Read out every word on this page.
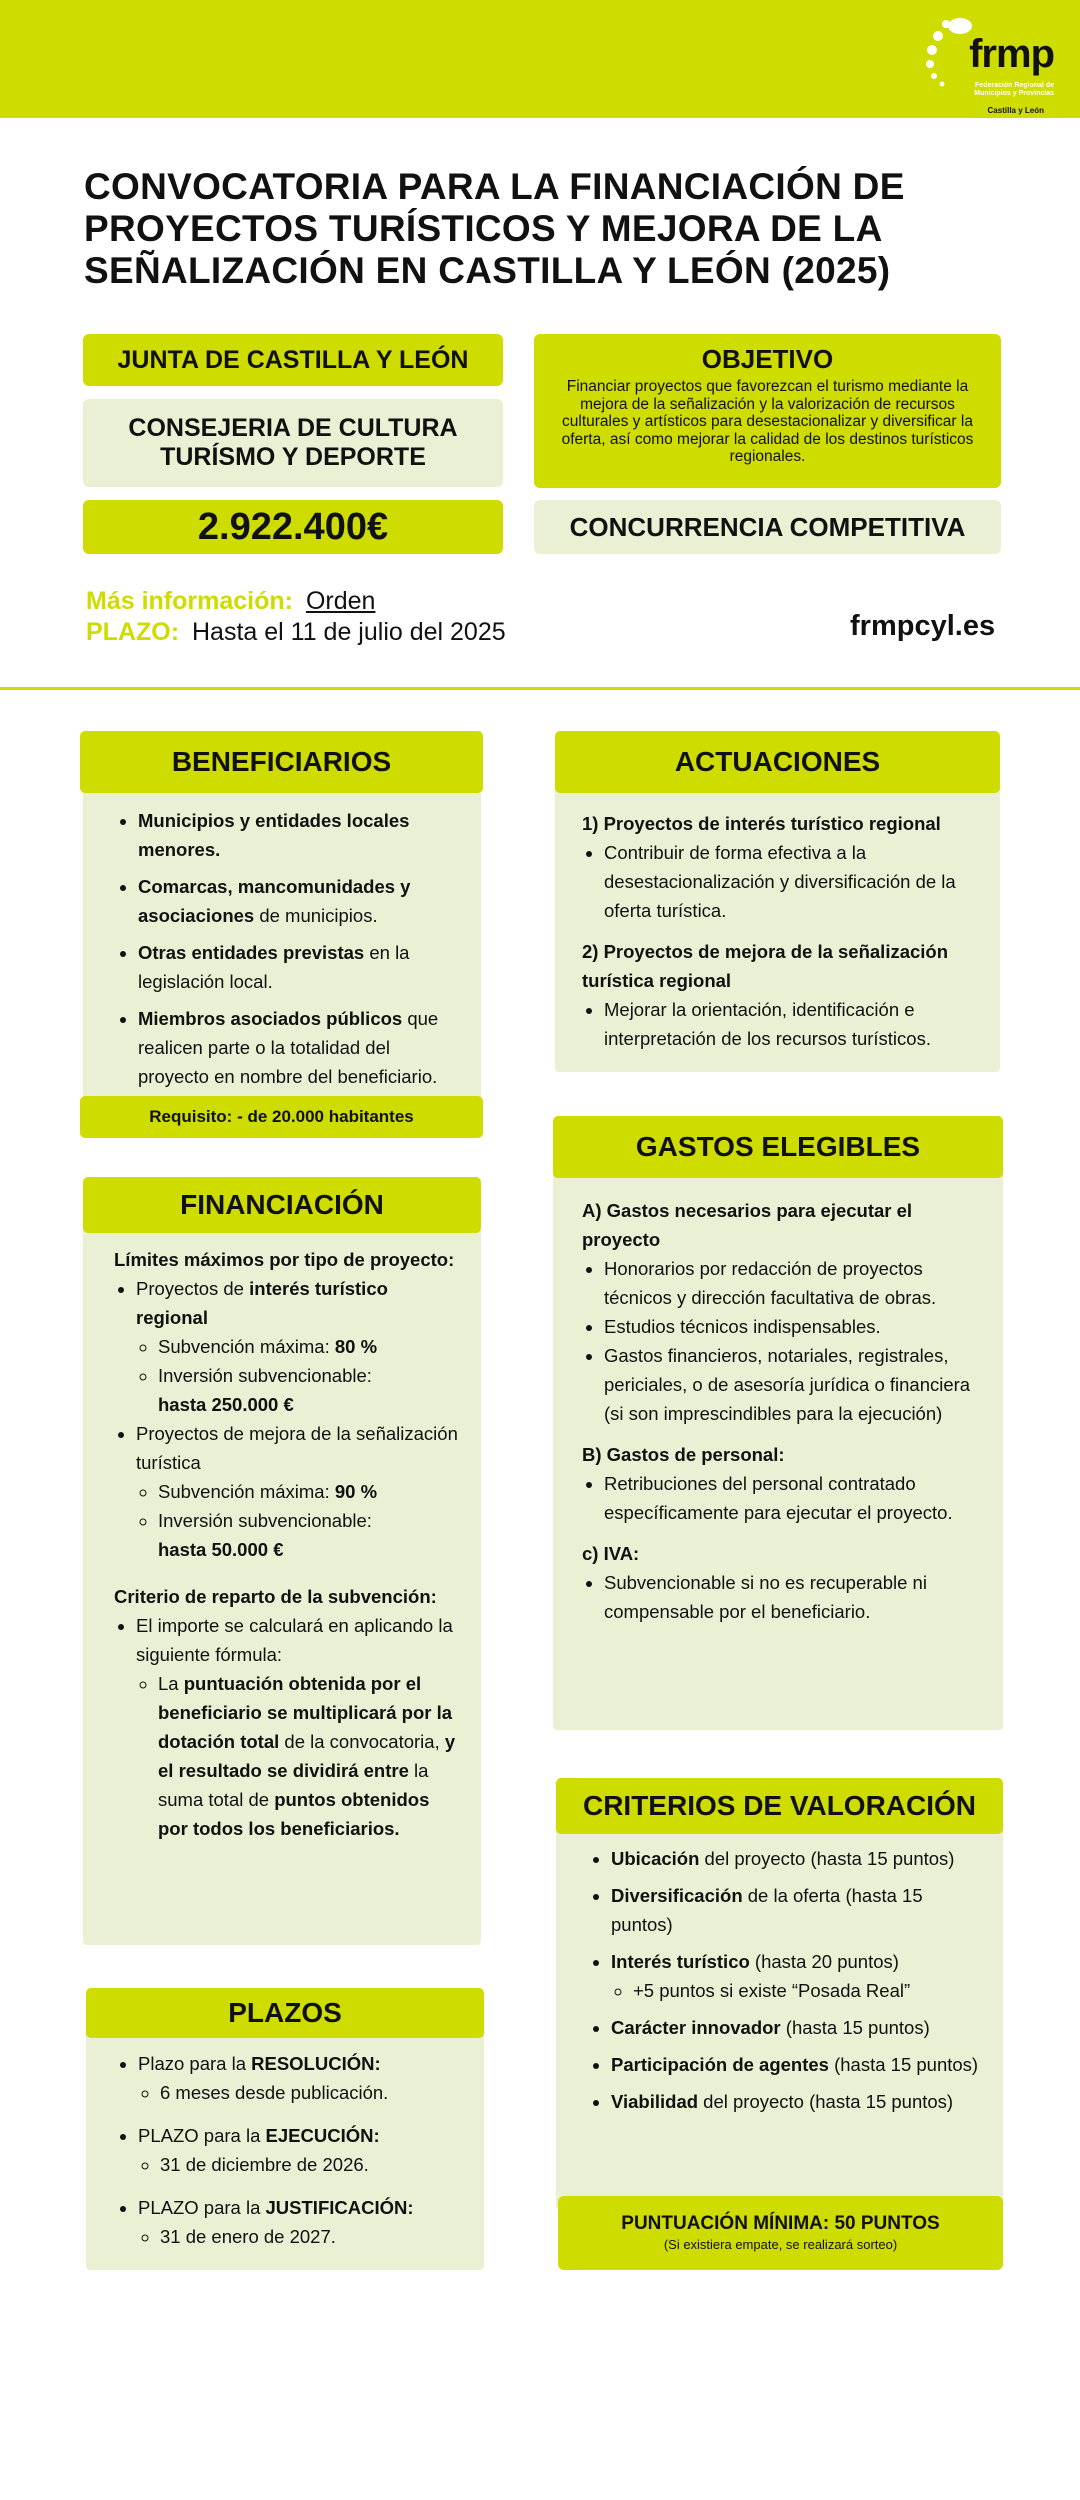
frmp
Federación Regional de Municipios y Provincias
Castilla y León
CONVOCATORIA PARA LA FINANCIACIÓN DE PROYECTOS TURÍSTICOS Y MEJORA DE LA SEÑALIZACIÓN EN CASTILLA Y LEÓN (2025)
JUNTA DE CASTILLA Y LEÓN
CONSEJERIA DE CULTURA TURÍSMO Y DEPORTE
2.922.400€
OBJETIVO
Financiar proyectos que favorezcan el turismo mediante la mejora de la señalización y la valorización de recursos culturales y artísticos para desestacionalizar y diversificar la oferta, así como mejorar la calidad de los destinos turísticos regionales.
CONCURRENCIA COMPETITIVA
Más información: Orden
PLAZO: Hasta el 11 de julio del 2025	frmpcyl.es
BENEFICIARIOS
• Municipios y entidades locales menores.
• Comarcas, mancomunidades y asociaciones de municipios.
• Otras entidades previstas en la legislación local.
• Miembros asociados públicos que realicen parte o la totalidad del proyecto en nombre del beneficiario.
Requisito: - de 20.000 habitantes
ACTUACIONES
1) Proyectos de interés turístico regional
• Contribuir de forma efectiva a la desestacionalización y diversificación de la oferta turística.
2) Proyectos de mejora de la señalización turística regional
• Mejorar la orientación, identificación e interpretación de los recursos turísticos.
FINANCIACIÓN
Límites máximos por tipo de proyecto:
• Proyectos de interés turístico regional
◦ Subvención máxima: 80 %
◦ Inversión subvencionable:
hasta 250.000 €
• Proyectos de mejora de la señalización turística
◦ Subvención máxima: 90 %
◦ Inversión subvencionable:
hasta 50.000 €
Criterio de reparto de la subvención:
• El importe se calculará en aplicando la siguiente fórmula:
◦ La puntuación obtenida por el beneficiario se multiplicará por la dotación total de la convocatoria, y el resultado se dividirá entre la suma total de puntos obtenidos por todos los beneficiarios.
GASTOS ELEGIBLES
A) Gastos necesarios para ejecutar el proyecto
• Honorarios por redacción de proyectos técnicos y dirección facultativa de obras.
• Estudios técnicos indispensables.
• Gastos financieros, notariales, registrales, periciales, o de asesoría jurídica o financiera (si son imprescindibles para la ejecución)
B) Gastos de personal:
• Retribuciones del personal contratado específicamente para ejecutar el proyecto.
c) IVA:
• Subvencionable si no es recuperable ni compensable por el beneficiario.
CRITERIOS DE VALORACIÓN
• Ubicación del proyecto (hasta 15 puntos)
• Diversificación de la oferta (hasta 15 puntos)
• Interés turístico (hasta 20 puntos)
◦ +5 puntos si existe “Posada Real”
• Carácter innovador (hasta 15 puntos)
• Participación de agentes (hasta 15 puntos)
• Viabilidad del proyecto (hasta 15 puntos)
PUNTUACIÓN MÍNIMA: 50 PUNTOS
(Si existiera empate, se realizará sorteo)
PLAZOS
• Plazo para la RESOLUCIÓN:
◦ 6 meses desde publicación.
• PLAZO para la EJECUCIÓN:
◦ 31 de diciembre de 2026.
• PLAZO para la JUSTIFICACIÓN:
◦ 31 de enero de 2027.
